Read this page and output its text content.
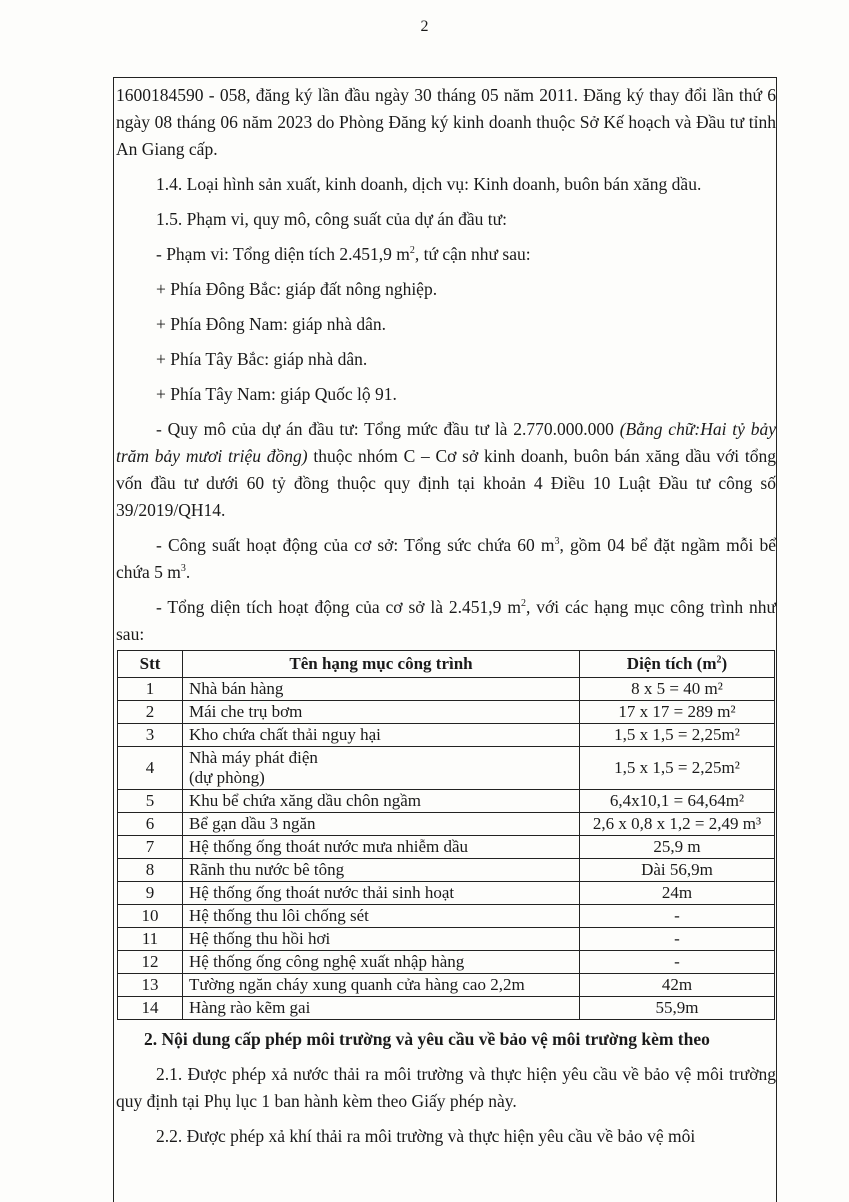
2

1600184590 - 058, đăng ký lần đầu ngày 30 tháng 05 năm 2011. Đăng ký thay đổi lần thứ 6 ngày 08 tháng 06 năm 2023 do Phòng Đăng ký kinh doanh thuộc Sở Kế hoạch và Đầu tư tỉnh An Giang cấp.

1.4. Loại hình sản xuất, kinh doanh, dịch vụ: Kinh doanh, buôn bán xăng dầu.

1.5. Phạm vi, quy mô, công suất của dự án đầu tư:

- Phạm vi: Tổng diện tích 2.451,9 $m^2$, tứ cận như sau:

+ Phía Đông Bắc: giáp đất nông nghiệp.

+ Phía Đông Nam: giáp nhà dân.

+ Phía Tây Bắc: giáp nhà dân.

+ Phía Tây Nam: giáp Quốc lộ 91.

- Quy mô của dự án đầu tư: Tổng mức đầu tư là 2.770.000.000 (Bằng chữ:Hai tỷ bảy trăm bảy mươi triệu đồng) thuộc nhóm C – Cơ sở kinh doanh, buôn bán xăng dầu với tổng vốn đầu tư dưới 60 tỷ đồng thuộc quy định tại khoản 4 Điều 10 Luật Đầu tư công số 39/2019/QH14.

- Công suất hoạt động của cơ sở: Tổng sức chứa 60 $m^3$, gồm 04 bể đặt ngầm mỗi bể chứa 5 $m^3$.

- Tổng diện tích hoạt động của cơ sở là 2.451,9 $m^2$, với các hạng mục công trình như sau:

Stt	Tên hạng mục công trình	Diện tích $(m^2)$
1	Nhà bán hàng	8 x 5 = 40 m²
2	Mái che trụ bơm	17 x 17 = 289 m²
3	Kho chứa chất thải nguy hại	1,5 x 1,5 = 2,25m²
4	Nhà máy phát điện
(dự phòng)	1,5 x 1,5 = 2,25m²
5	Khu bể chứa xăng dầu chôn ngầm	6,4x10,1 = 64,64m²
6	Bể gạn dầu 3 ngăn	2,6 x 0,8 x 1,2 = 2,49 m³
7	Hệ thống ống thoát nước mưa nhiễm dầu	25,9 m
8	Rãnh thu nước bê tông	Dài 56,9m
9	Hệ thống ống thoát nước thải sinh hoạt	24m
10	Hệ thống thu lôi chống sét	-
11	Hệ thống thu hồi hơi	-
12	Hệ thống ống công nghệ xuất nhập hàng	-
13	Tường ngăn cháy xung quanh cửa hàng cao 2,2m	42m
14	Hàng rào kẽm gai	55,9m

2. Nội dung cấp phép môi trường và yêu cầu về bảo vệ môi trường kèm theo

2.1. Được phép xả nước thải ra môi trường và thực hiện yêu cầu về bảo vệ môi trường quy định tại Phụ lục 1 ban hành kèm theo Giấy phép này.

2.2. Được phép xả khí thải ra môi trường và thực hiện yêu cầu về bảo vệ môi
